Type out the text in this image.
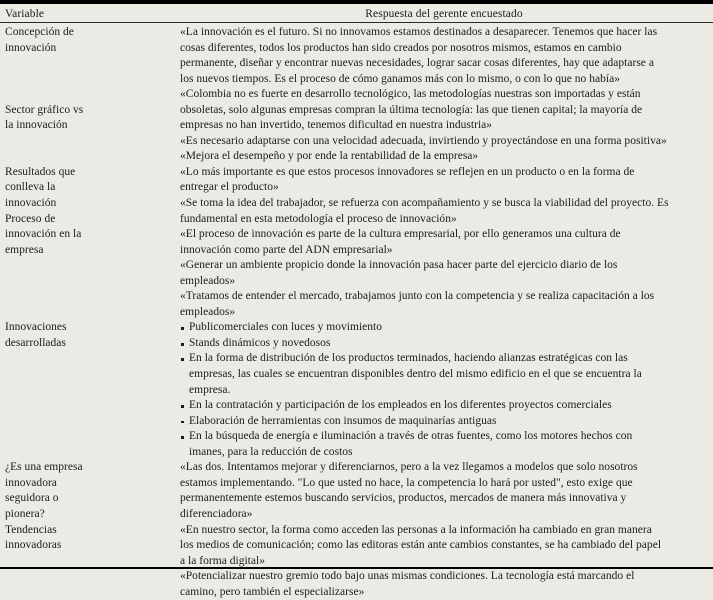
Variable	Respuesta del gerente encuestado
Concepción de
innovación

Sector gráfico vs
la innovación

Resultados que
conlleva la
innovación
Proceso de
innovación en la
empresa

Innovaciones
desarrolladas

¿Es una empresa
innovadora
seguidora o
pionera?
Tendencias
innovadoras

«La innovación es el futuro. Si no innovamos estamos destinados a desaparecer. Tenemos que hacer las
cosas diferentes, todos los productos han sido creados por nosotros mismos, estamos en cambio
permanente, diseñar y encontrar nuevas necesidades, lograr sacar cosas diferentes, hay que adaptarse a
los nuevos tiempos. Es el proceso de cómo ganamos más con lo mismo, o con lo que no había»
«Colombia no es fuerte en desarrollo tecnológico, las metodologías nuestras son importadas y están
obsoletas, solo algunas empresas compran la última tecnología: las que tienen capital; la mayoría de
empresas no han invertido, tenemos dificultad en nuestra industria»
«Es necesario adaptarse con una velocidad adecuada, invirtiendo y proyectándose en una forma positiva»
«Mejora el desempeño y por ende la rentabilidad de la empresa»
«Lo más importante es que estos procesos innovadores se reflejen en un producto o en la forma de
entregar el producto»
«Se toma la idea del trabajador, se refuerza con acompañamiento y se busca la viabilidad del proyecto. Es
fundamental en esta metodología el proceso de innovación»
«El proceso de innovación es parte de la cultura empresarial, por ello generamos una cultura de
innovación como parte del ADN empresarial»
«Generar un ambiente propicio donde la innovación pasa hacer parte del ejercicio diario de los
empleados»
«Tratamos de entender el mercado, trabajamos junto con la competencia y se realiza capacitación a los
empleados»
Publicomerciales con luces y movimiento
Stands dinámicos y novedosos
En la forma de distribución de los productos terminados, haciendo alianzas estratégicas con las
empresas, las cuales se encuentran disponibles dentro del mismo edificio en el que se encuentra la
empresa.
En la contratación y participación de los empleados en los diferentes proyectos comerciales
Elaboración de herramientas con insumos de maquinarías antiguas
En la búsqueda de energía e iluminación a través de otras fuentes, como los motores hechos con
imanes, para la reducción de costos
«Las dos. Intentamos mejorar y diferenciarnos, pero a la vez llegamos a modelos que solo nosotros
estamos implementando. "Lo que usted no hace, la competencia lo hará por usted", esto exige que
permanentemente estemos buscando servicios, productos, mercados de manera más innovativa y
diferenciadora»
«En nuestro sector, la forma como acceden las personas a la información ha cambiado en gran manera
los medios de comunicación; como las editoras están ante cambios constantes, se ha cambiado del papel
a la forma digital»
«Potencializar nuestro gremio todo bajo unas mismas condiciones. La tecnología está marcando el
camino, pero también el especializarse»
